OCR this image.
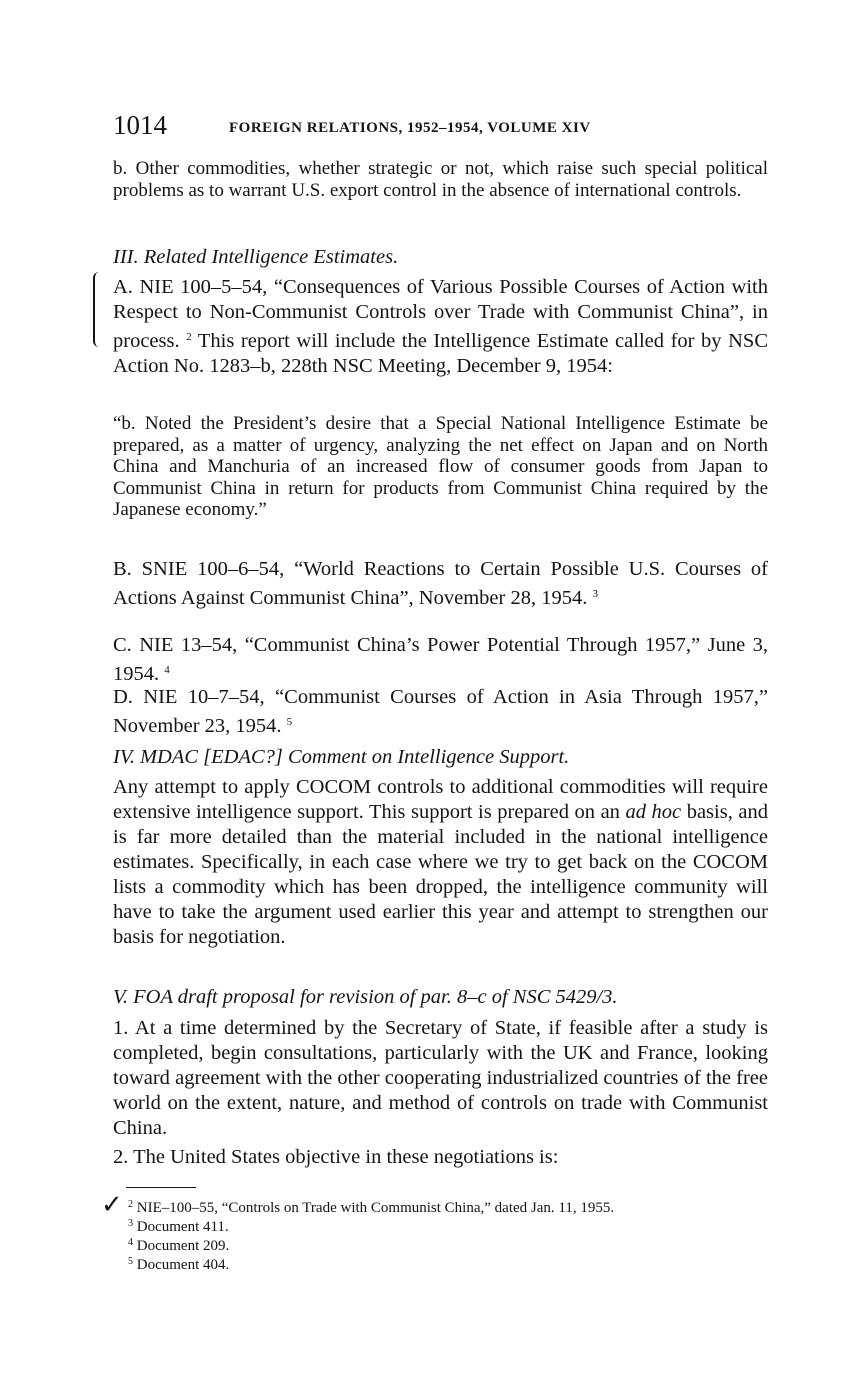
1014	FOREIGN RELATIONS, 1952–1954, VOLUME XIV

b. Other commodities, whether strategic or not, which raise such special political problems as to warrant U.S. export control in the absence of international controls.

III. Related Intelligence Estimates.

A. NIE 100–5–54, “Consequences of Various Possible Courses of Action with Respect to Non-Communist Controls over Trade with Communist China”, in process. $^2$ This report will include the Intelligence Estimate called for by NSC Action No. 1283–b, 228th NSC Meeting, December 9, 1954:

“b. Noted the President’s desire that a Special National Intelligence Estimate be prepared, as a matter of urgency, analyzing the net effect on Japan and on North China and Manchuria of an increased flow of consumer goods from Japan to Communist China in return for products from Communist China required by the Japanese economy.”

B. SNIE 100–6–54, “World Reactions to Certain Possible U.S. Courses of Actions Against Communist China”, November 28, 1954. $^3$

C. NIE 13–54, “Communist China’s Power Potential Through 1957,” June 3, 1954. $^4$

D. NIE 10–7–54, “Communist Courses of Action in Asia Through 1957,” November 23, 1954. $^5$

IV. MDAC [EDAC?] Comment on Intelligence Support.

Any attempt to apply COCOM controls to additional commodities will require extensive intelligence support. This support is prepared on an ad hoc basis, and is far more detailed than the material included in the national intelligence estimates. Specifically, in each case where we try to get back on the COCOM lists a commodity which has been dropped, the intelligence community will have to take the argument used earlier this year and attempt to strengthen our basis for negotiation.

V. FOA draft proposal for revision of par. 8–c of NSC 5429/3.

1. At a time determined by the Secretary of State, if feasible after a study is completed, begin consultations, particularly with the UK and France, looking toward agreement with the other cooperating industrialized countries of the free world on the extent, nature, and method of controls on trade with Communist China.

2. The United States objective in these negotiations is:

✓ $^2$ NIE–100–55, “Controls on Trade with Communist China,” dated Jan. 11, 1955.
$^3$ Document 411.
$^4$ Document 209.
$^5$ Document 404.
